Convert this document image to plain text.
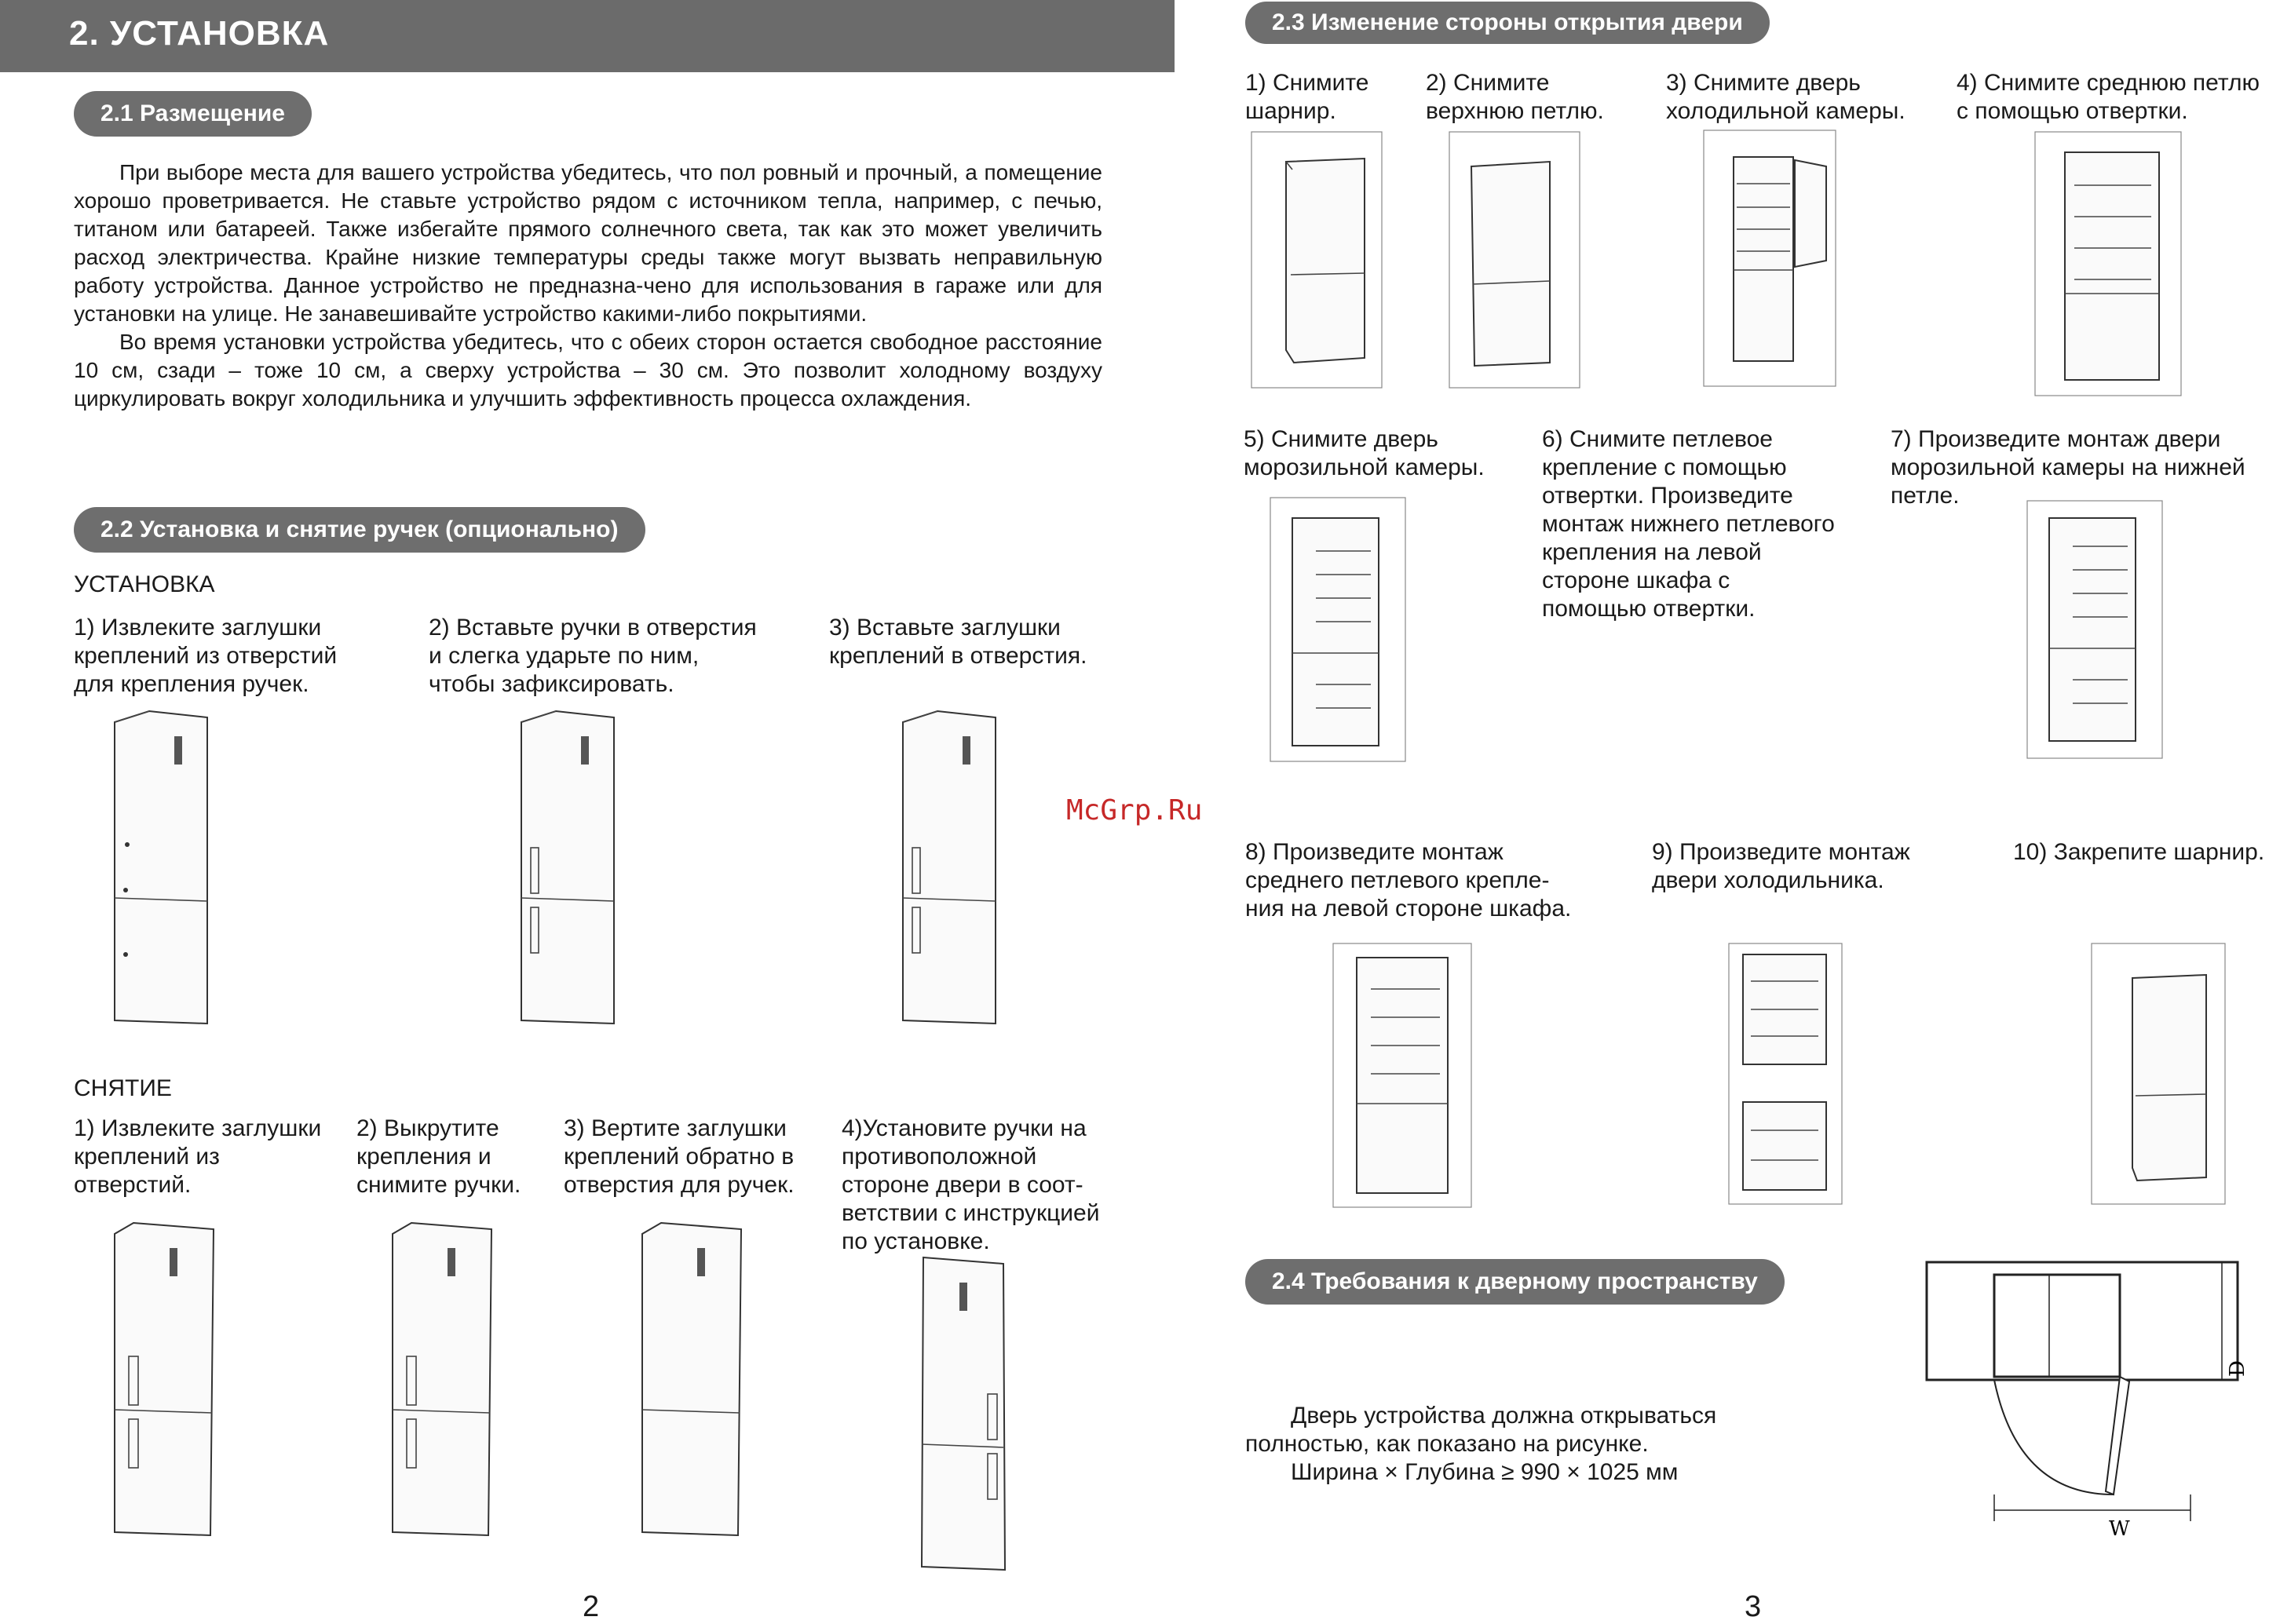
2. УСТАНОВКА
2.1 Размещение

При выборе места для вашего устройства убедитесь, что пол ровный и прочный, а помещение хорошо проветривается. Не ставьте устройство рядом с источником тепла, например, с печью, титаном или батареей. Также избегайте прямого солнечного света, так как это может увеличить расход электричества. Крайне низкие температуры среды также могут вызвать неправильную работу устройства. Данное устройство не предназна-чено для использования в гараже или для установки на улице. Не занавешивайте устройство какими-либо покрытиями.

Во время установки устройства убедитесь, что с обеих сторон остается свободное расстояние 10 см, сзади – тоже 10 см, а сверху устройства – 30 см. Это позволит холодному воздуху циркулировать вокруг холодильника и улучшить эффективность процесса охлаждения.

2.2 Установка и снятие ручек (опционально)
УСТАНОВКА
1) Извлеките заглушки
креплений из отверстий
для крепления ручек.
2) Вставьте ручки в отверстия
и слегка ударьте по ним,
чтобы зафиксировать.
3) Вставьте заглушки
креплений в отверстия.
СНЯТИЕ
1) Извлеките заглушки
креплений из
отверстий.
2) Выкрутите
крепления и
снимите ручки.
3) Вертите заглушки
креплений обратно в
отверстия для ручек.
4)Установите ручки на
противоположной
стороне двери в соот-
ветствии с инструкцией
по установке.
2
2.3 Изменение стороны открытия двери
1) Снимите
шарнир.
2) Снимите
верхнюю петлю.
3) Снимите дверь
холодильной камеры.
4) Снимите среднюю петлю
с помощью отвертки.
5) Снимите дверь
морозильной камеры.
6) Снимите петлевое
крепление с помощью
отвертки. Произведите
монтаж нижнего петлевого
крепления на левой
стороне шкафа с
помощью отвертки.
7) Произведите монтаж двери
морозильной камеры на нижней
петле.
McGrp.Ru
8) Произведите монтаж
среднего петлевого крепле-
ния на левой стороне шкафа.
9) Произведите монтаж
двери холодильника.
10) Закрепите шарнир.
2.4 Требования к дверному пространству
Дверь устройства должна открываться
полностью, как показано на рисунке.
Ширина × Глубина ≥ 990 × 1025 мм
D
W
3
